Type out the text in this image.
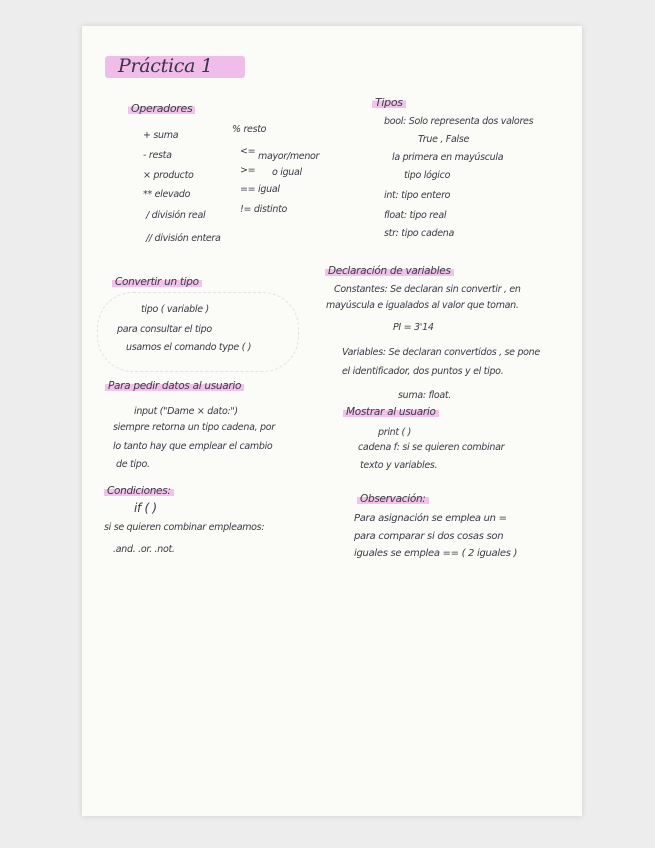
Práctica 1
Operadores
+ suma
- resta
× producto
** elevado
/ división real
// división entera
% resto
<=
>=
== igual
!= distinto
mayor/menor
o igual
Tipos
bool: Solo representa dos valores
True , False
la primera en mayúscula
tipo lógico
int: tipo entero
float: tipo real
str: tipo cadena
Convertir un tipo
tipo ( variable )
para consultar el tipo
usamos el comando type ( )
Para pedir datos al usuario
input ("Dame × dato:")
siempre retorna un tipo cadena, por
lo tanto hay que emplear el cambio
de tipo.
Condiciones:
if ( )
si se quieren combinar empleamos:
.and. .or. .not.
Declaración de variables
Constantes: Se declaran sin convertir , en
mayúscula e igualados al valor que toman.
PI = 3'14
Variables: Se declaran convertidos , se pone
el identificador, dos puntos y el tipo.
suma: float.
Mostrar al usuario
print ( )
cadena f: si se quieren combinar
texto y variables.
Observación:
Para asignación se emplea un =
para comparar si dos cosas son
iguales se emplea == ( 2 iguales )
